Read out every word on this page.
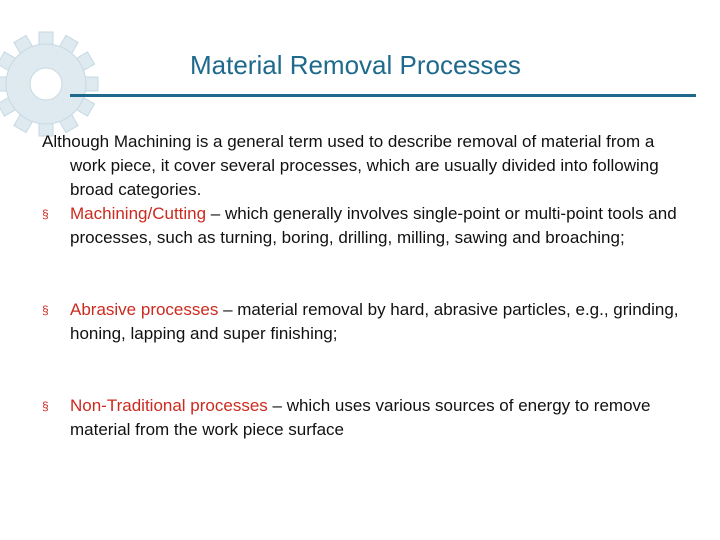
Material Removal Processes

Although Machining is a general term used to describe removal of material from a work piece, it cover several processes, which are usually divided into following broad categories.

§	Machining/Cutting – which generally involves single-point or multi-point tools and processes, such as turning, boring, drilling, milling, sawing and broaching;

§	Abrasive processes – material removal by hard, abrasive particles, e.g., grinding, honing, lapping and super finishing;

§	Non-Traditional processes – which uses various sources of energy to remove material from the work piece surface
